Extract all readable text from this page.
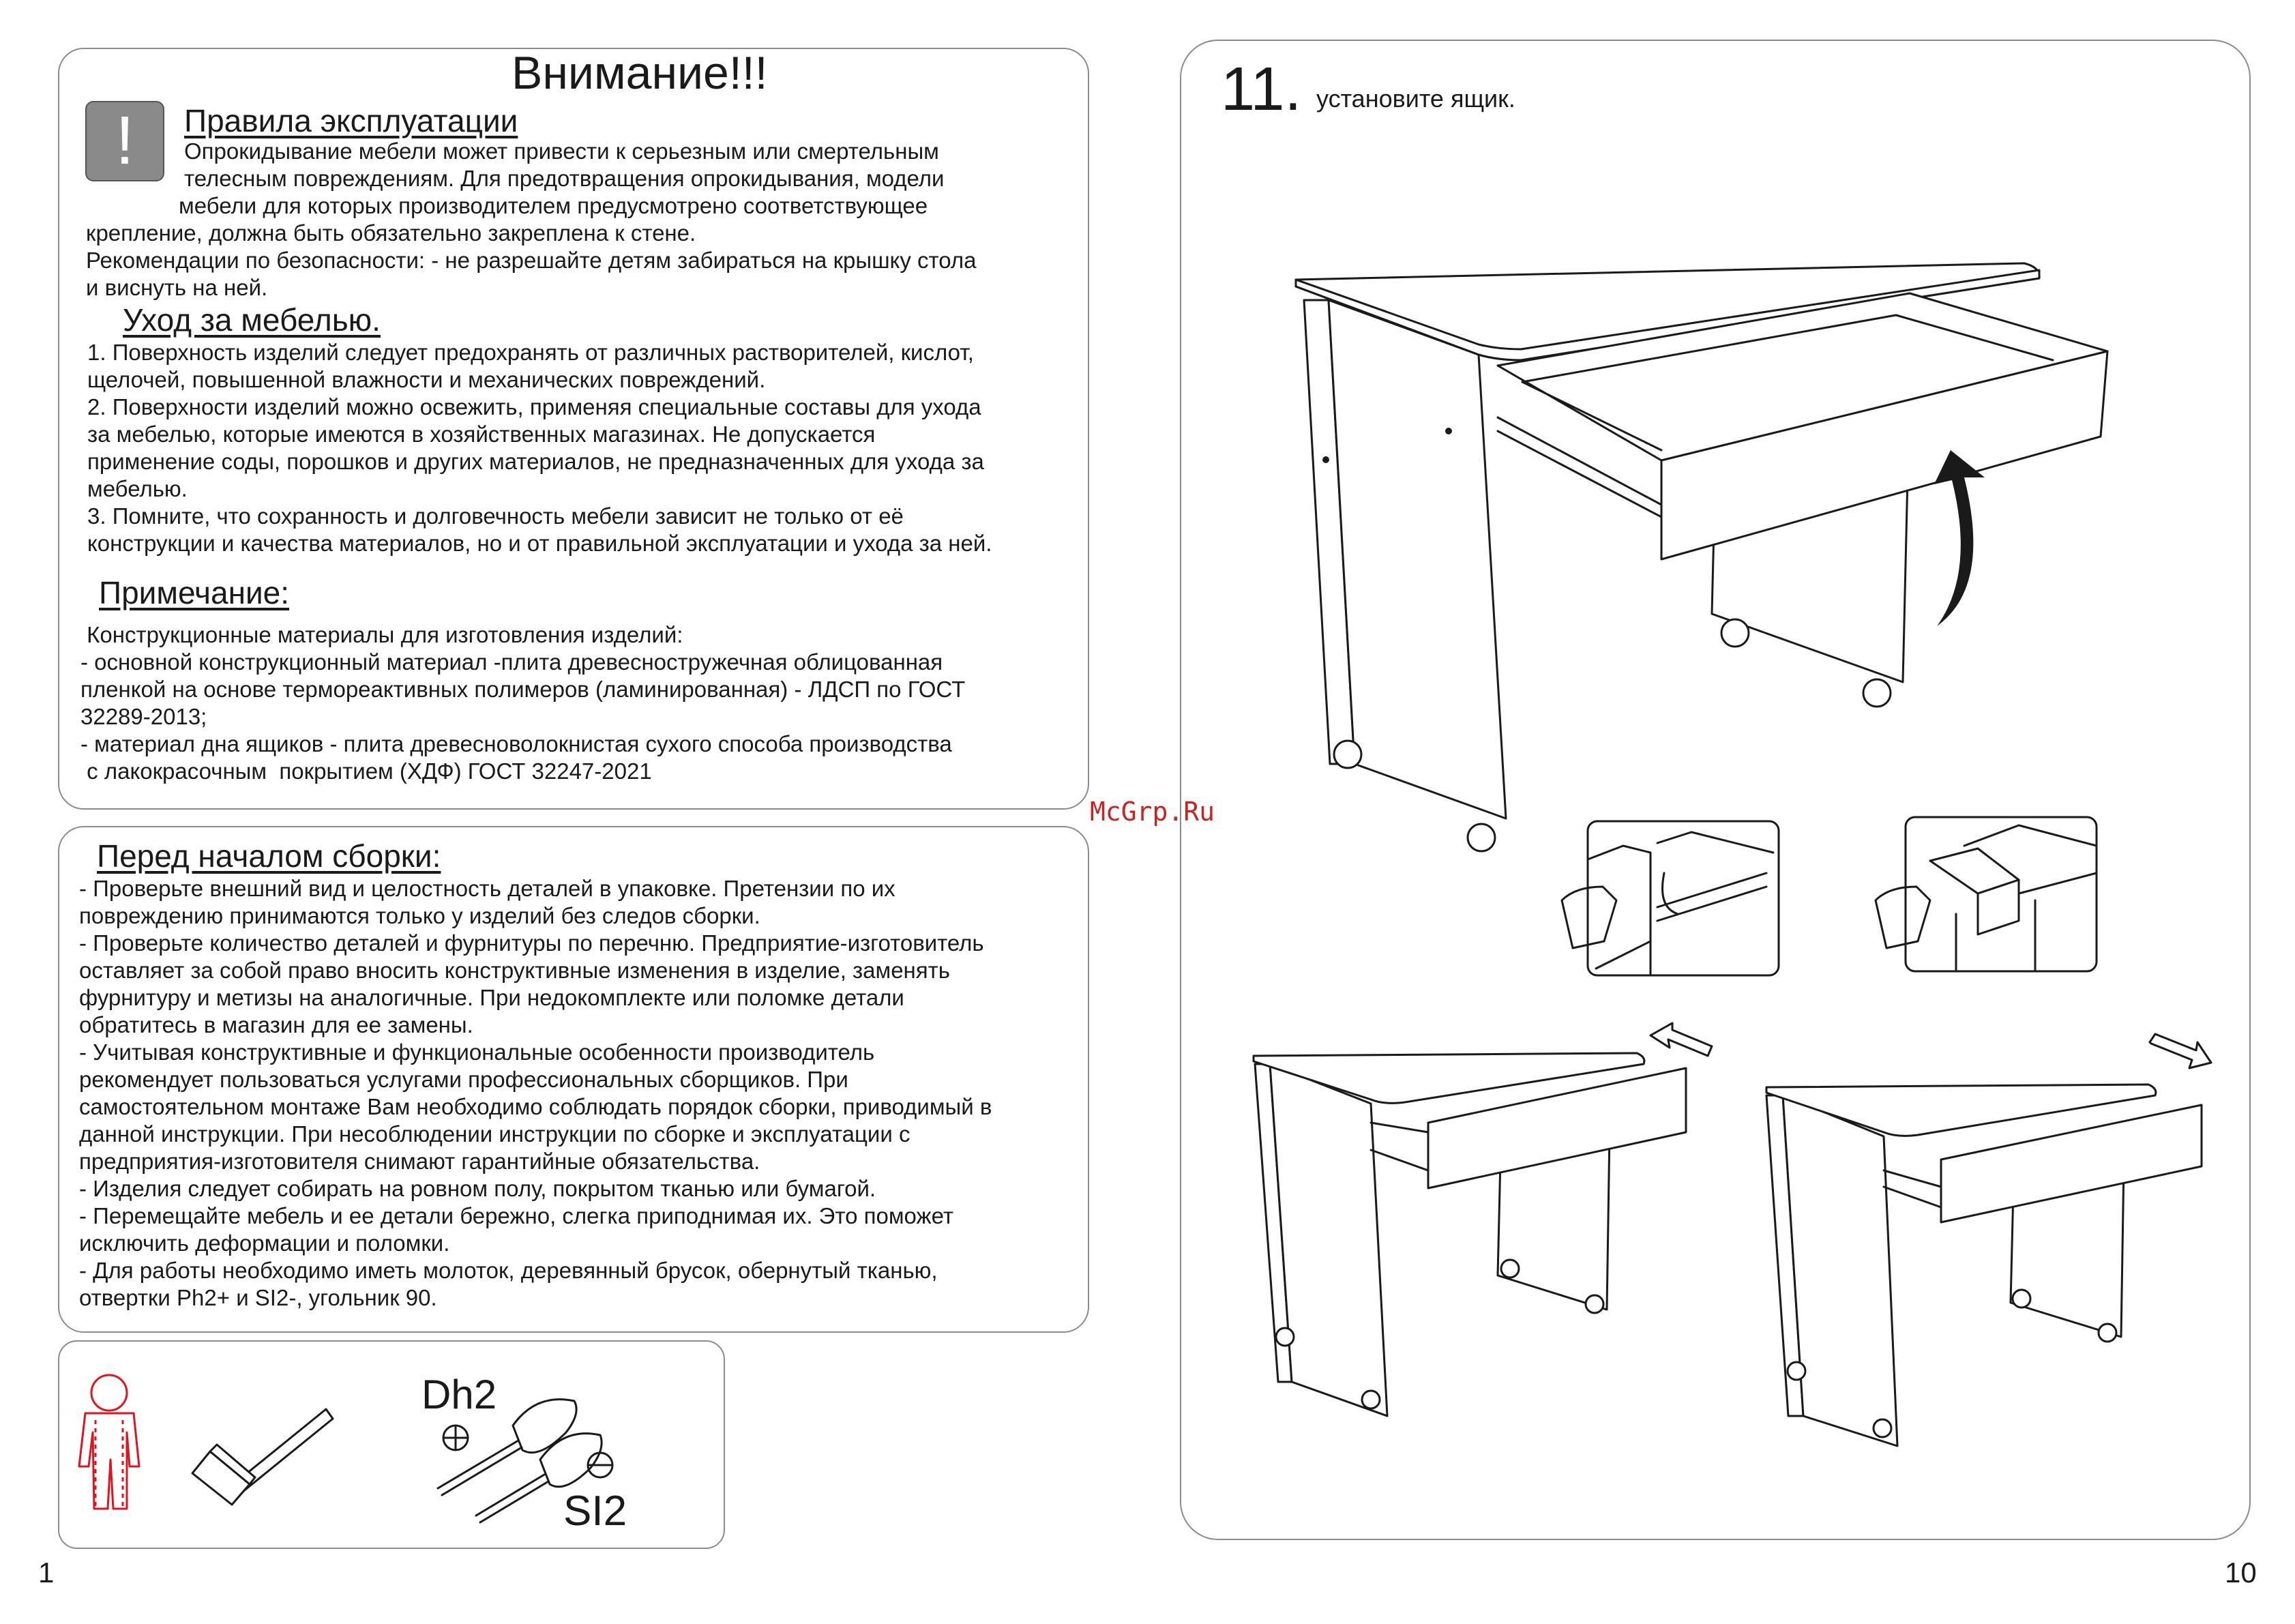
Внимание!!!

!	Правила эксплуатации

Опрокидывание мебели может привести к серьезным или смертельным
телесным повреждениям. Для предотвращения опрокидывания, модели
мебели для которых производителем предусмотрено соответствующее
крепление, должна быть обязательно закреплена к стене.
Рекомендации по безопасности: - не разрешайте детям забираться на крышку стола
и виснуть на ней.

Уход за мебелью.

1. Поверхность изделий следует предохранять от различных растворителей, кислот,
щелочей, повышенной влажности и механических повреждений.
2. Поверхности изделий можно освежить, применяя специальные составы для ухода
за мебелью, которые имеются в хозяйственных магазинах. Не допускается
применение соды, порошков и других материалов, не предназначенных для ухода за
мебелью.
3. Помните, что сохранность и долговечность мебели зависит не только от её
конструкции и качества материалов, но и от правильной эксплуатации и ухода за ней.

Примечание:

Конструкционные материалы для изготовления изделий:
- основной конструкционный материал -плита древесностружечная облицованная
пленкой на основе термореактивных полимеров (ламинированная) - ЛДСП по ГОСТ
32289-2013;
- материал дна ящиков - плита древесноволокнистая сухого способа производства
с лакокрасочным  покрытием (ХДФ) ГОСТ 32247-2021

Перед началом сборки:

- Проверьте внешний вид и целостность деталей в упаковке. Претензии по их
повреждению принимаются только у изделий без следов сборки.
- Проверьте количество деталей и фурнитуры по перечню. Предприятие-изготовитель
оставляет за собой право вносить конструктивные изменения в изделие, заменять
фурнитуру и метизы на аналогичные. При недокомплекте или поломке детали
обратитесь в магазин для ее замены.
- Учитывая конструктивные и функциональные особенности производитель
рекомендует пользоваться услугами профессиональных сборщиков. При
самостоятельном монтаже Вам необходимо соблюдать порядок сборки, приводимый в
данной инструкции. При несоблюдении инструкции по сборке и эксплуатации с
предприятия-изготовителя снимают гарантийные обязательства.
- Изделия следует собирать на ровном полу, покрытом тканью или бумагой.
- Перемещайте мебель и ее детали бережно, слегка приподнимая их. Это поможет
исключить деформации и поломки.
- Для работы необходимо иметь молоток, деревянный брусок, обернутый тканью,
отвертки Ph2+ и SI2-, угольник 90.

Dh2

SI2

1

11. установите ящик.

McGrp.Ru

10
